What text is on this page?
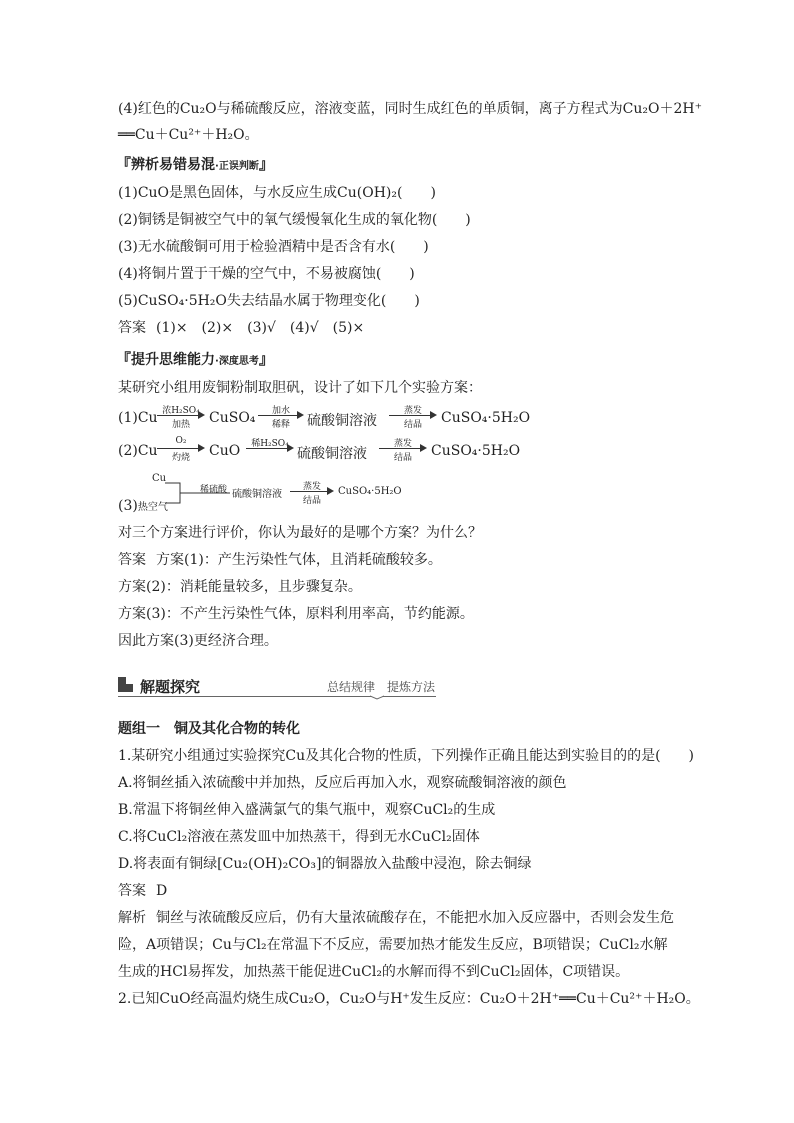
(4)红色的Cu₂O与稀硫酸反应，溶液变蓝，同时生成红色的单质铜，离子方程式为Cu₂O＋2H⁺
══Cu＋Cu²⁺＋H₂O。
『辨析易错易混·正误判断』
(1)CuO是黑色固体，与水反应生成Cu(OH)₂(　　)
(2)铜锈是铜被空气中的氧气缓慢氧化生成的氧化物(　　)
(3)无水硫酸铜可用于检验酒精中是否含有水(　　)
(4)将铜片置于干燥的空气中，不易被腐蚀(　　)
(5)CuSO₄·5H₂O失去结晶水属于物理变化(　　)
答案 (1)×　(2)×　(3)√　(4)√　(5)×
『提升思维能力·深度思考』
某研究小组用废铜粉制取胆矾，设计了如下几个实验方案：
(1)Cu 浓H₂SO₄
加热	CuSO₄	加水
稀释	硫酸铜溶液
蒸发
结晶	CuSO₄·5H₂O
(2)Cu
O₂
灼烧	CuO	稀H₂SO₄
硫酸铜溶液
蒸发
结晶	CuSO₄·5H₂O
Cu
(3)热空气
稀硫酸 硫酸铜溶液
蒸发
结晶
CuSO₄·5H₂O
对三个方案进行评价，你认为最好的是哪个方案？为什么？
答案 方案(1)：产生污染性气体，且消耗硫酸较多。
方案(2)：消耗能量较多，且步骤复杂。
方案(3)：不产生污染性气体，原料利用率高，节约能源。
因此方案(3)更经济合理。
解题探究	总结规律　提炼方法
题组一　铜及其化合物的转化
1.某研究小组通过实验探究Cu及其化合物的性质，下列操作正确且能达到实验目的的是(　　)
A.将铜丝插入浓硫酸中并加热，反应后再加入水，观察硫酸铜溶液的颜色
B.常温下将铜丝伸入盛满氯气的集气瓶中，观察CuCl₂的生成
C.将CuCl₂溶液在蒸发皿中加热蒸干，得到无水CuCl₂固体
D.将表面有铜绿[Cu₂(OH)₂CO₃]的铜器放入盐酸中浸泡，除去铜绿
答案 D
解析 铜丝与浓硫酸反应后，仍有大量浓硫酸存在，不能把水加入反应器中，否则会发生危
险，A项错误；Cu与Cl₂在常温下不反应，需要加热才能发生反应，B项错误；CuCl₂水解
生成的HCl易挥发，加热蒸干能促进CuCl₂的水解而得不到CuCl₂固体，C项错误。
2.已知CuO经高温灼烧生成Cu₂O，Cu₂O与H⁺发生反应：Cu₂O＋2H⁺══Cu＋Cu²⁺＋H₂O。
